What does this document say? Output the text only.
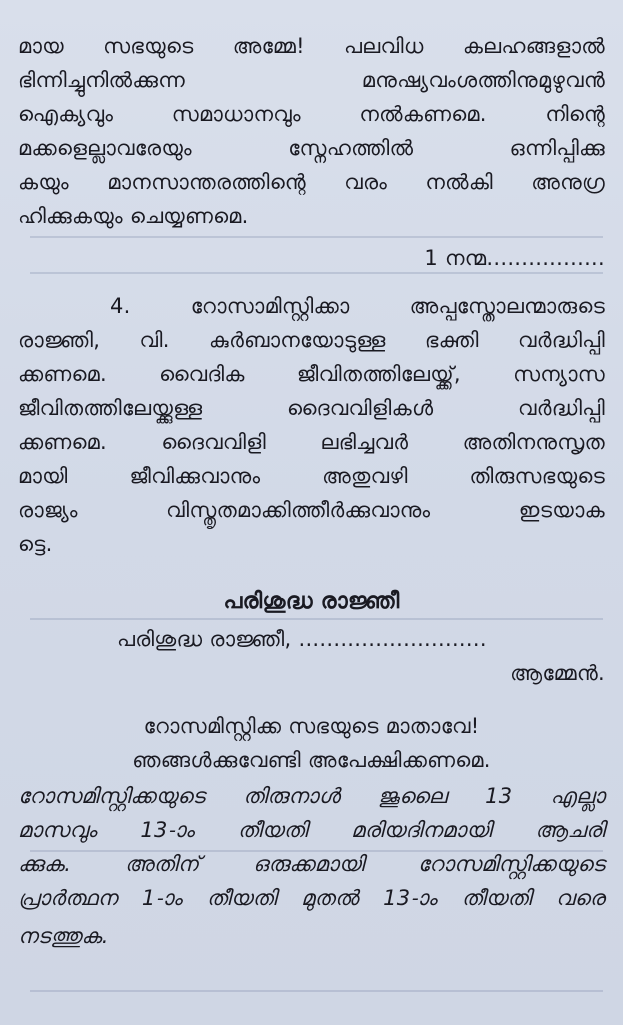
മായ സഭയുടെ അമ്മേ! പലവിധ കലഹങ്ങളാൽ
ഭിന്നിച്ചുനിൽക്കുന്ന മനുഷ്യവംശത്തിനുമുഴുവൻ
ഐക്യവും സമാധാനവും നൽകണമെ. നിന്റെ
മക്കളെല്ലാവരേയും സ്നേഹത്തിൽ ഒന്നിപ്പിക്കു
കയും മാനസാന്തരത്തിന്റെ വരം നൽകി അനുഗ്ര
ഹിക്കുകയും ചെയ്യണമെ.
1 നന്മ.................
4. റോസാമിസ്റ്റിക്കാ അപ്പസ്തോലന്മാരുടെ
രാജ്ഞി, വി. കുർബാനയോടുള്ള ഭക്തി വർദ്ധിപ്പി
ക്കണമെ. വൈദിക ജീവിതത്തിലേയ്ക്ക്, സന്യാസ
ജീവിതത്തിലേയ്ക്കുള്ള ദൈവവിളികൾ വർദ്ധിപ്പി
ക്കണമെ. ദൈവവിളി ലഭിച്ചവർ അതിനനുസൃത
മായി ജീവിക്കുവാനും അതുവഴി തിരുസഭയുടെ
രാജ്യം വിസ്തൃതമാക്കിത്തീർക്കുവാനും ഇടയാക
ട്ടെ.
പരിശുദ്ധ രാജ്ഞീ
പരിശുദ്ധ രാജ്ഞീ, ...........................
ആമ്മേൻ.
റോസമിസ്റ്റിക്ക സഭയുടെ മാതാവേ!
ഞങ്ങൾക്കുവേണ്ടി അപേക്ഷിക്കണമെ.
റോസമിസ്റ്റിക്കയുടെ തിരുനാൾ ജൂലൈ 13 എല്ലാ
മാസവും 13-ാം തീയതി മരിയദിനമായി ആചരി
ക്കുക. അതിന് ഒരുക്കമായി റോസമിസ്റ്റിക്കയുടെ
പ്രാർത്ഥന 1-ാം തീയതി മുതൽ 13-ാം തീയതി വരെ
നടത്തുക.
